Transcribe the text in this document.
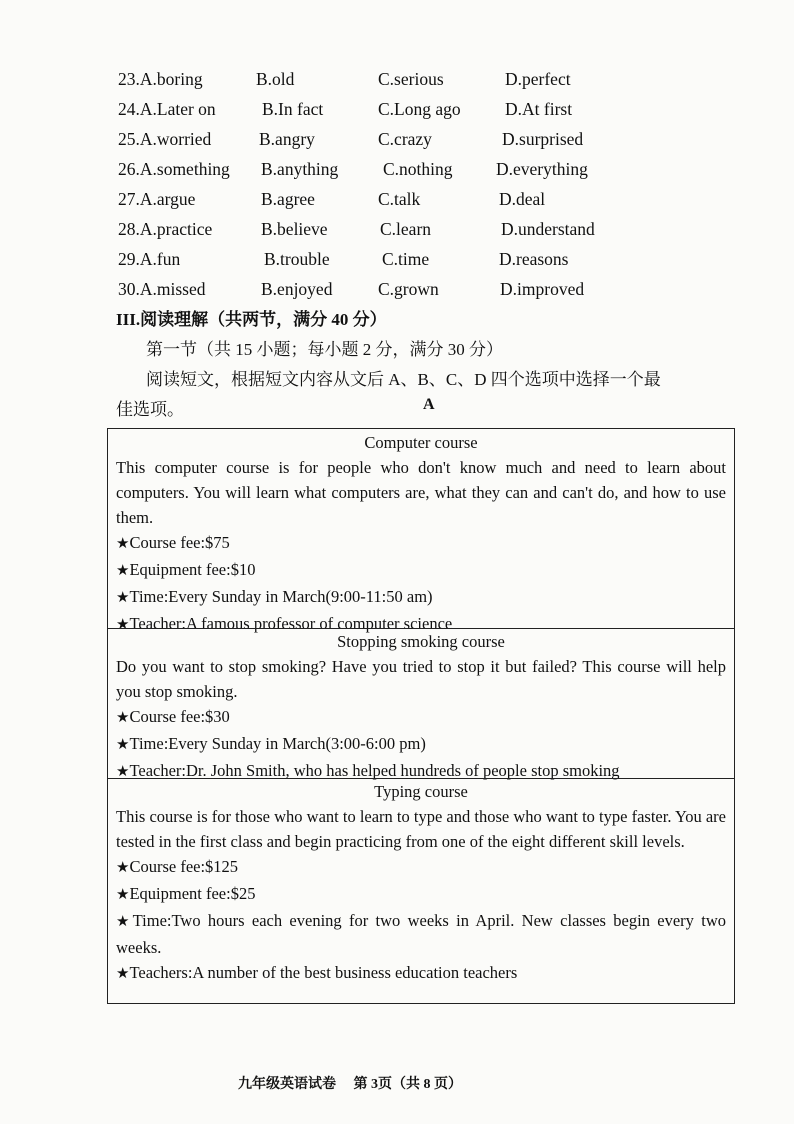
23.A.boring	B.old	C.serious	D.perfect
24.A.Later on	B.In fact	C.Long ago	D.At first
25.A.worried	B.angry	C.crazy	D.surprised
26.A.something B.anything	C.nothing D.everything
27.A.argue	B.agree	C.talk	D.deal
28.A.practice	B.believe	C.learn	D.understand
29.A.fun	B.trouble	C.time	D.reasons
30.A.missed	B.enjoyed	C.grown	D.improved
III.阅读理解（共两节，满分 40 分）
第一节（共 15 小题；每小题 2 分，满分 30 分）
阅读短文，根据短文内容从文后 A、B、C、D 四个选项中选择一个最
佳选项。	A
Computer course
This computer course is for people who don't know much and need to learn about computers. You will learn what computers are, what they can and can't do, and how to use them.
★Course fee:$75
★Equipment fee:$10
★Time:Every Sunday in March(9:00-11:50 am)
★Teacher:A famous professor of computer science
Stopping smoking course
Do you want to stop smoking? Have you tried to stop it but failed? This course will help you stop smoking.
★Course fee:$30
★Time:Every Sunday in March(3:00-6:00 pm)
★Teacher:Dr. John Smith, who has helped hundreds of people stop smoking
Typing course
This course is for those who want to learn to type and those who want to type faster. You are tested in the first class and begin practicing from one of the eight different skill levels.
★Course fee:$125
★Equipment fee:$25
★Time:Two hours each evening for two weeks in April. New classes begin every two weeks.
★Teachers:A number of the best business education teachers
九年级英语试卷 第 3页（共 8 页）
